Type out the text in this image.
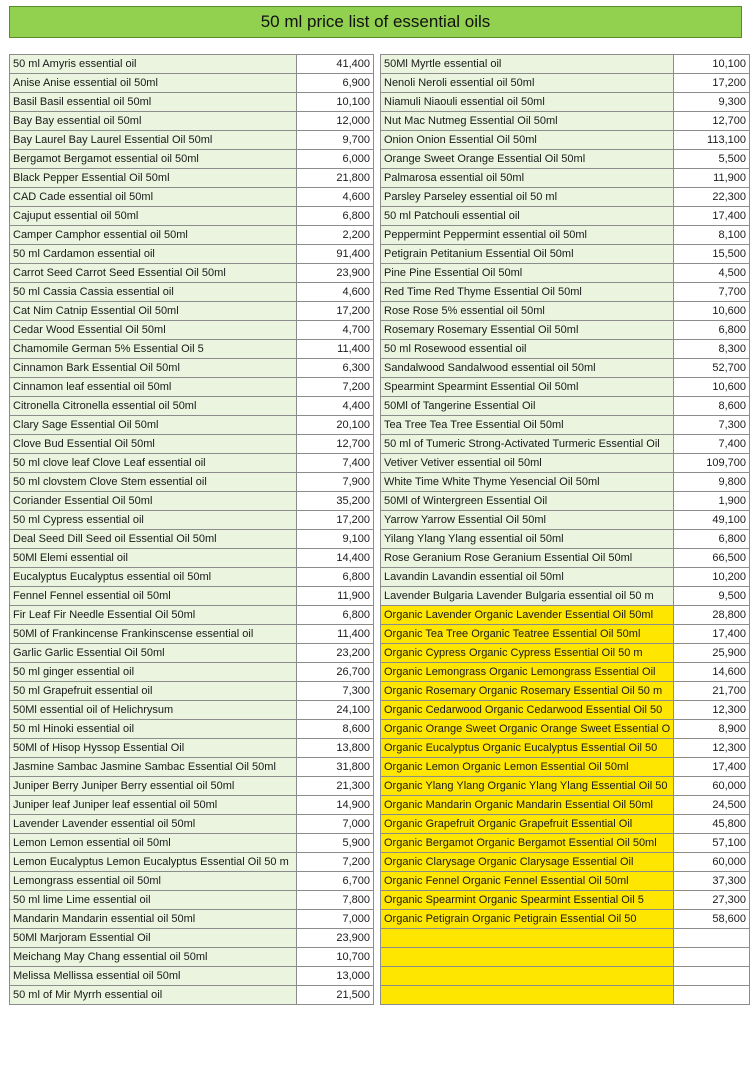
50 ml price list of essential oils
50 ml Amyris essential oil	41,400
Anise Anise essential oil 50ml	6,900
Basil Basil essential oil 50ml	10,100
Bay Bay essential oil 50ml	12,000
Bay Laurel Bay Laurel Essential Oil 50ml	9,700
Bergamot Bergamot essential oil 50ml	6,000
Black Pepper Essential Oil 50ml	21,800
CAD Cade essential oil 50ml	4,600
Cajuput essential oil 50ml	6,800
Camper Camphor essential oil 50ml	2,200
50 ml Cardamon essential oil	91,400
Carrot Seed Carrot Seed Essential Oil 50ml	23,900
50 ml Cassia Cassia essential oil	4,600
Cat Nim Catnip Essential Oil 50ml	17,200
Cedar Wood Essential Oil 50ml	4,700
Chamomile German 5% Essential Oil 5	11,400
Cinnamon Bark Essential Oil 50ml	6,300
Cinnamon leaf essential oil 50ml	7,200
Citronella Citronella essential oil 50ml	4,400
Clary Sage Essential Oil 50ml	20,100
Clove Bud Essential Oil 50ml	12,700
50 ml clove leaf Clove Leaf essential oil	7,400
50 ml clovstem Clove Stem essential oil	7,900
Coriander Essential Oil 50ml	35,200
50 ml Cypress essential oil	17,200
Deal Seed Dill Seed oil Essential Oil 50ml	9,100
50Ml Elemi essential oil	14,400
Eucalyptus Eucalyptus essential oil 50ml	6,800
Fennel Fennel essential oil 50ml	11,900
Fir Leaf Fir Needle Essential Oil 50ml	6,800
50Ml of Frankincense Frankinscense essential oil	11,400
Garlic Garlic Essential Oil 50ml	23,200
50 ml ginger essential oil	26,700
50 ml Grapefruit essential oil	7,300
50Ml essential oil of Helichrysum	24,100
50 ml Hinoki essential oil	8,600
50Ml of Hisop Hyssop Essential Oil	13,800
Jasmine Sambac Jasmine Sambac Essential Oil 50ml	31,800
Juniper Berry Juniper Berry essential oil 50ml	21,300
Juniper leaf Juniper leaf essential oil 50ml	14,900
Lavender Lavender essential oil 50ml	7,000
Lemon Lemon essential oil 50ml	5,900
Lemon Eucalyptus Lemon Eucalyptus Essential Oil 50 m	7,200
Lemongrass essential oil 50ml	6,700
50 ml lime Lime essential oil	7,800
Mandarin Mandarin essential oil 50ml	7,000
50Ml Marjoram Essential Oil	23,900
Meichang May Chang essential oil 50ml	10,700
Melissa Mellissa essential oil 50ml	13,000
50 ml of Mir Myrrh essential oil	21,500
50Ml Myrtle essential oil	10,100
Nenoli Neroli essential oil 50ml	17,200
Niamuli Niaouli essential oil 50ml	9,300
Nut Mac Nutmeg Essential Oil 50ml	12,700
Onion Onion Essential Oil 50ml	113,100
Orange Sweet Orange Essential Oil 50ml	5,500
Palmarosa essential oil 50ml	11,900
Parsley Parseley essential oil 50 ml	22,300
50 ml Patchouli essential oil	17,400
Peppermint Peppermint essential oil 50ml	8,100
Petigrain Petitanium Essential Oil 50ml	15,500
Pine Pine Essential Oil 50ml	4,500
Red Time Red Thyme Essential Oil 50ml	7,700
Rose Rose 5% essential oil 50ml	10,600
Rosemary Rosemary Essential Oil 50ml	6,800
50 ml Rosewood essential oil	8,300
Sandalwood Sandalwood essential oil 50ml	52,700
Spearmint Spearmint Essential Oil 50ml	10,600
50Ml of Tangerine Essential Oil	8,600
Tea Tree Tea Tree Essential Oil 50ml	7,300
50 ml of Tumeric Strong-Activated Turmeric Essential Oil	7,400
Vetiver Vetiver essential oil 50ml	109,700
White Time White Thyme Yesencial Oil 50ml	9,800
50Ml of Wintergreen Essential Oil	1,900
Yarrow Yarrow Essential Oil 50ml	49,100
Yilang Ylang Ylang essential oil 50ml	6,800
Rose Geranium Rose Geranium Essential Oil 50ml	66,500
Lavandin Lavandin essential oil 50ml	10,200
Lavender Bulgaria Lavender Bulgaria essential oil 50 m	9,500
Organic Lavender Organic Lavender Essential Oil 50ml	28,800
Organic Tea Tree Organic Teatree Essential Oil 50ml	17,400
Organic Cypress Organic Cypress Essential Oil 50 m	25,900
Organic Lemongrass Organic Lemongrass Essential Oil	14,600
Organic Rosemary Organic Rosemary Essential Oil 50 m	21,700
Organic Cedarwood Organic Cedarwood Essential Oil 50	12,300
Organic Orange Sweet Organic Orange Sweet Essential O	8,900
Organic Eucalyptus Organic Eucalyptus Essential Oil 50	12,300
Organic Lemon Organic Lemon Essential Oil 50ml	17,400
Organic Ylang Ylang Organic Ylang Ylang Essential Oil 50	60,000
Organic Mandarin Organic Mandarin Essential Oil 50ml	24,500
Organic Grapefruit Organic Grapefruit Essential Oil	45,800
Organic Bergamot Organic Bergamot Essential Oil 50ml	57,100
Organic Clarysage Organic Clarysage Essential Oil	60,000
Organic Fennel Organic Fennel Essential Oil 50ml	37,300
Organic Spearmint Organic Spearmint Essential Oil 5	27,300
Organic Petigrain Organic Petigrain Essential Oil 50	58,600
